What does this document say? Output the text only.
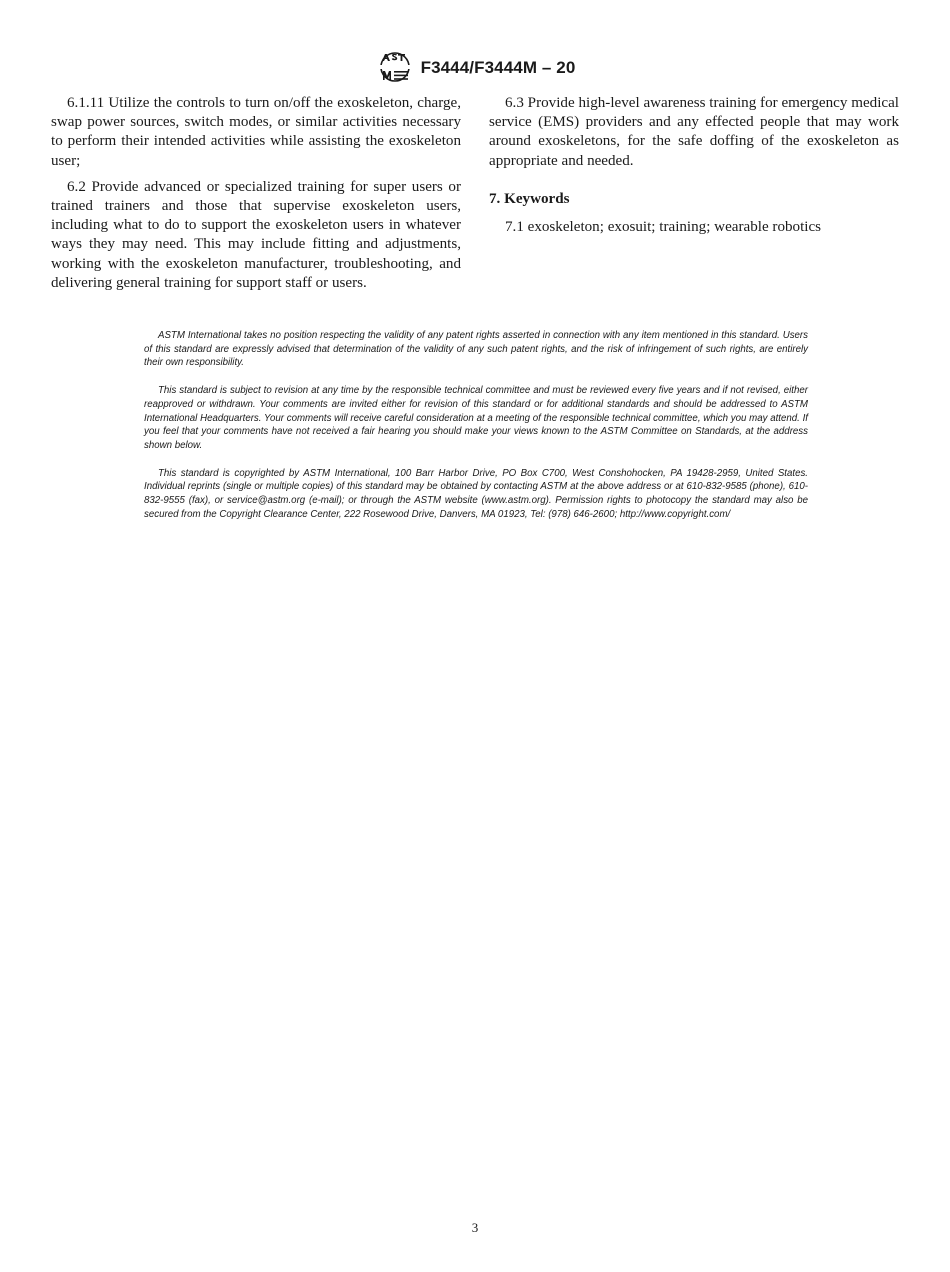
F3444/F3444M – 20

6.1.11 Utilize the controls to turn on/off the exoskeleton, charge, swap power sources, switch modes, or similar activities necessary to perform their intended activities while assisting the exoskeleton user;

6.2 Provide advanced or specialized training for super users or trained trainers and those that supervise exoskeleton users, including what to do to support the exoskeleton users in whatever ways they may need. This may include fitting and adjustments, working with the exoskeleton manufacturer, troubleshooting, and delivering general training for support staff or users.

6.3 Provide high-level awareness training for emergency medical service (EMS) providers and any effected people that may work around exoskeletons, for the safe doffing of the exoskeleton as appropriate and needed.

7. Keywords

7.1 exoskeleton; exosuit; training; wearable robotics

ASTM International takes no position respecting the validity of any patent rights asserted in connection with any item mentioned in this standard. Users of this standard are expressly advised that determination of the validity of any such patent rights, and the risk of infringement of such rights, are entirely their own responsibility.

This standard is subject to revision at any time by the responsible technical committee and must be reviewed every five years and if not revised, either reapproved or withdrawn. Your comments are invited either for revision of this standard or for additional standards and should be addressed to ASTM International Headquarters. Your comments will receive careful consideration at a meeting of the responsible technical committee, which you may attend. If you feel that your comments have not received a fair hearing you should make your views known to the ASTM Committee on Standards, at the address shown below.

This standard is copyrighted by ASTM International, 100 Barr Harbor Drive, PO Box C700, West Conshohocken, PA 19428-2959, United States. Individual reprints (single or multiple copies) of this standard may be obtained by contacting ASTM at the above address or at 610-832-9585 (phone), 610-832-9555 (fax), or service@astm.org (e-mail); or through the ASTM website (www.astm.org). Permission rights to photocopy the standard may also be secured from the Copyright Clearance Center, 222 Rosewood Drive, Danvers, MA 01923, Tel: (978) 646-2600; http://www.copyright.com/

3
